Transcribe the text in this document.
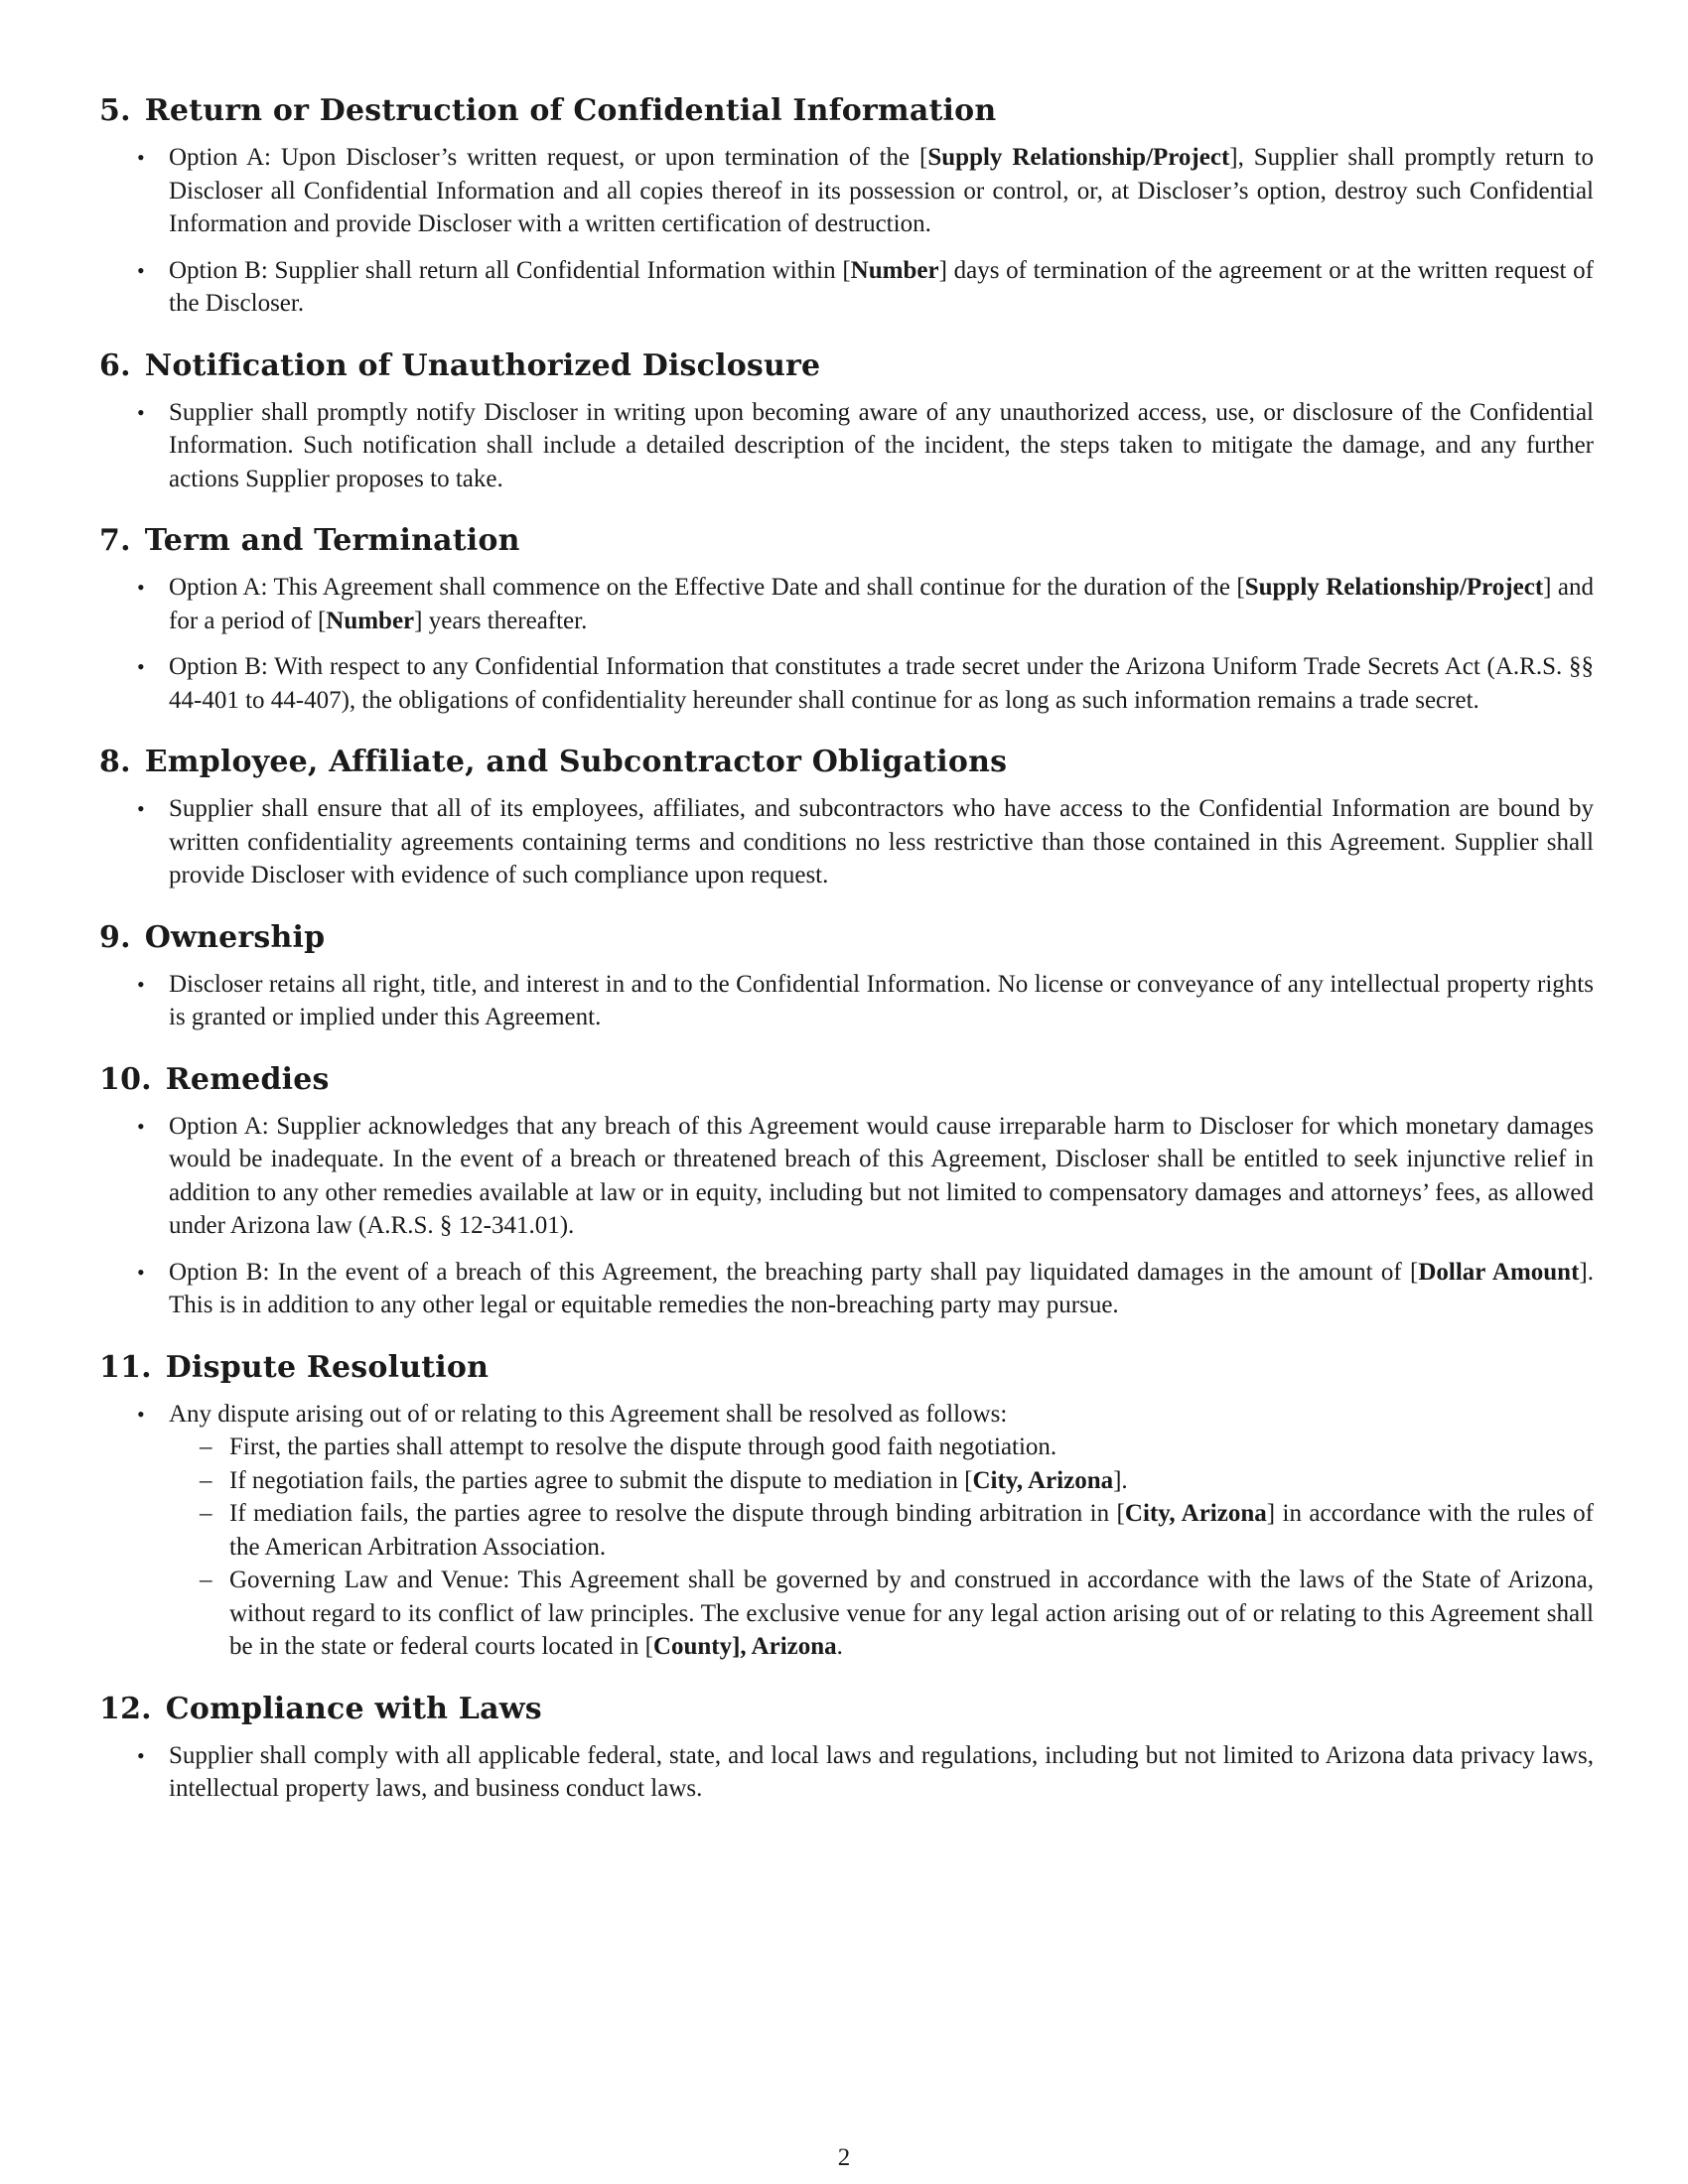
5. Return or Destruction of Confidential Information
• Option A: Upon Discloser’s written request, or upon termination of the [Supply Relationship/Project], Supplier shall promptly return to Discloser all Confidential Information and all copies thereof in its possession or control, or, at Discloser’s option, destroy such Confidential Information and provide Discloser with a written certification of destruction.
• Option B: Supplier shall return all Confidential Information within [Number] days of termination of the agreement or at the written request of the Discloser.
6. Notification of Unauthorized Disclosure
• Supplier shall promptly notify Discloser in writing upon becoming aware of any unauthorized access, use, or disclosure of the Confidential Information. Such notification shall include a detailed description of the incident, the steps taken to mitigate the damage, and any further actions Supplier proposes to take.
7. Term and Termination
• Option A: This Agreement shall commence on the Effective Date and shall continue for the duration of the [Supply Relationship/Project] and for a period of [Number] years thereafter.
• Option B: With respect to any Confidential Information that constitutes a trade secret under the Arizona Uniform Trade Secrets Act (A.R.S. §§ 44-401 to 44-407), the obligations of confidentiality hereunder shall continue for as long as such information remains a trade secret.
8. Employee, Affiliate, and Subcontractor Obligations
• Supplier shall ensure that all of its employees, affiliates, and subcontractors who have access to the Confidential Information are bound by written confidentiality agreements containing terms and conditions no less restrictive than those contained in this Agreement. Supplier shall provide Discloser with evidence of such compliance upon request.
9. Ownership
• Discloser retains all right, title, and interest in and to the Confidential Information. No license or conveyance of any intellectual property rights is granted or implied under this Agreement.
10. Remedies
• Option A: Supplier acknowledges that any breach of this Agreement would cause irreparable harm to Discloser for which monetary damages would be inadequate. In the event of a breach or threatened breach of this Agreement, Discloser shall be entitled to seek injunctive relief in addition to any other remedies available at law or in equity, including but not limited to compensatory damages and attorneys’ fees, as allowed under Arizona law (A.R.S. § 12-341.01).
• Option B: In the event of a breach of this Agreement, the breaching party shall pay liquidated damages in the amount of [Dollar Amount]. This is in addition to any other legal or equitable remedies the non-breaching party may pursue.
11. Dispute Resolution
• Any dispute arising out of or relating to this Agreement shall be resolved as follows:
– First, the parties shall attempt to resolve the dispute through good faith negotiation.
– If negotiation fails, the parties agree to submit the dispute to mediation in [City, Arizona].
– If mediation fails, the parties agree to resolve the dispute through binding arbitration in [City, Arizona] in accordance with the rules of the American Arbitration Association.
– Governing Law and Venue: This Agreement shall be governed by and construed in accordance with the laws of the State of Arizona, without regard to its conflict of law principles. The exclusive venue for any legal action arising out of or relating to this Agreement shall be in the state or federal courts located in [County], Arizona.
12. Compliance with Laws
• Supplier shall comply with all applicable federal, state, and local laws and regulations, including but not limited to Arizona data privacy laws, intellectual property laws, and business conduct laws.
2
